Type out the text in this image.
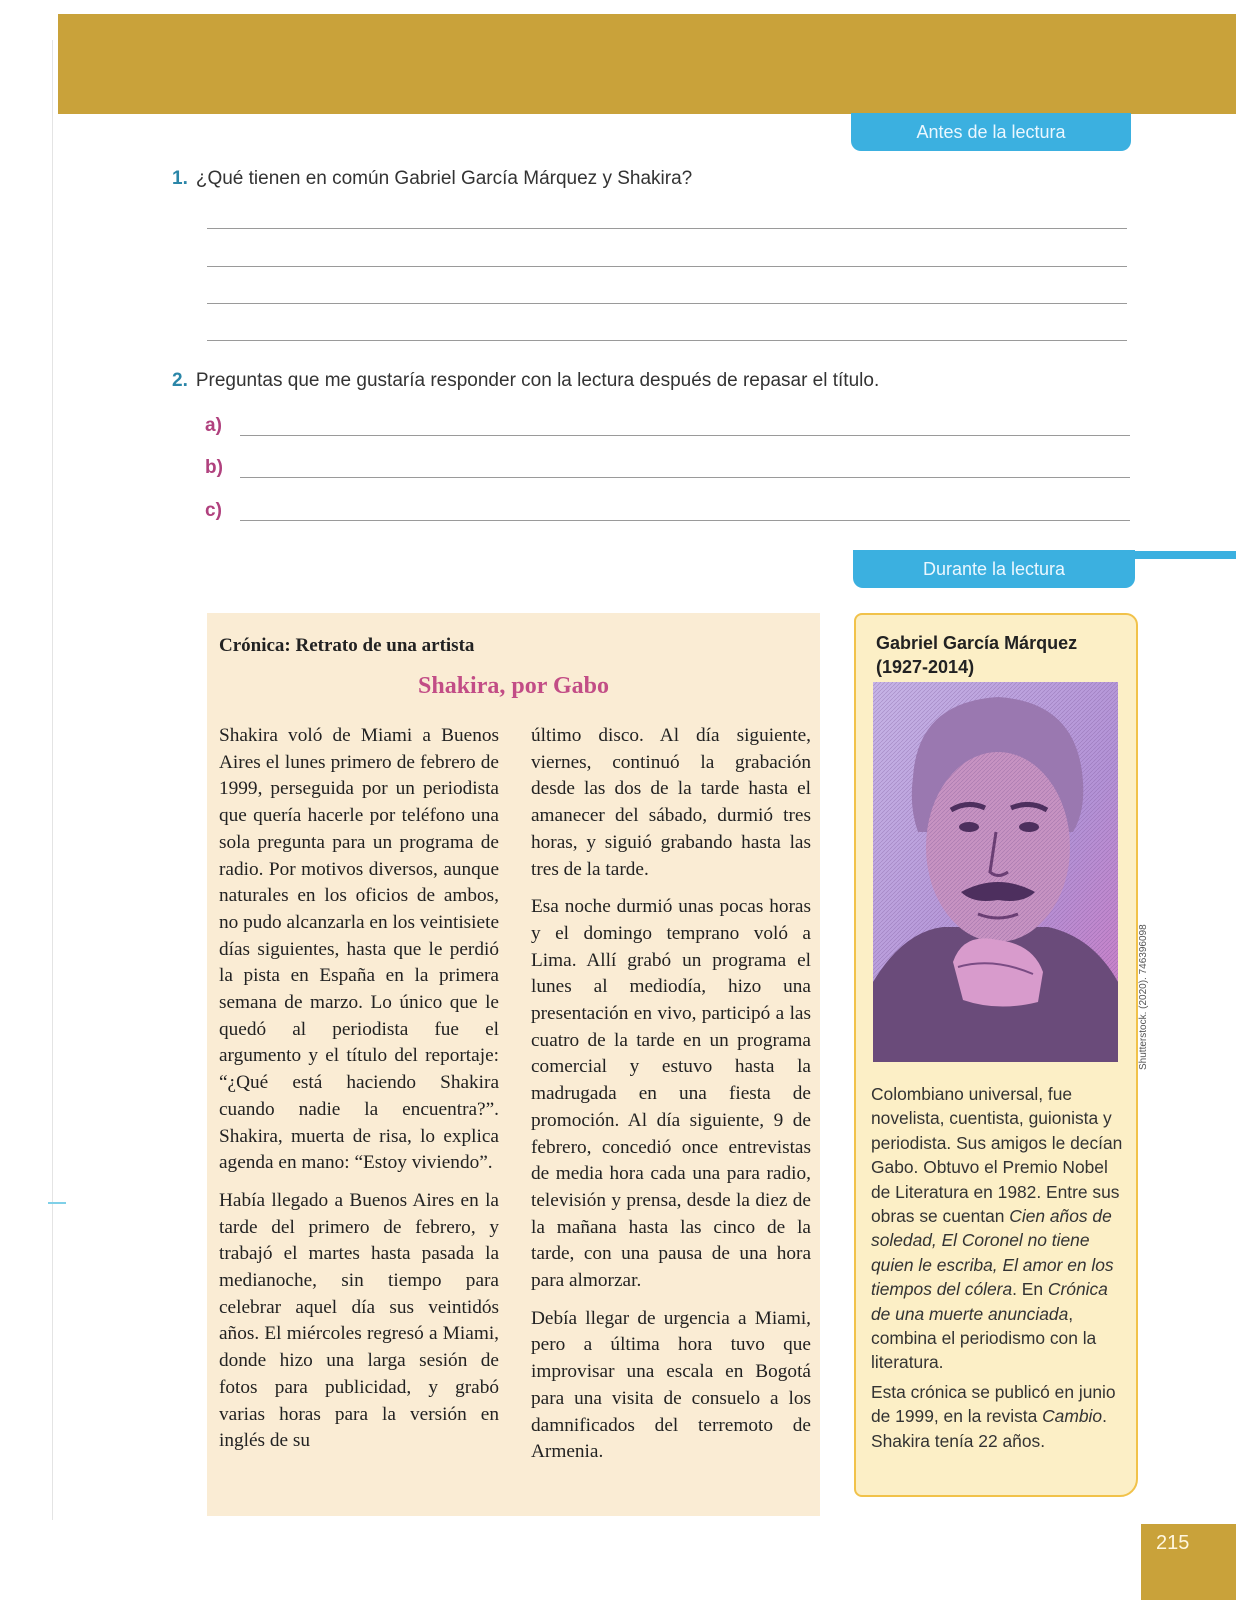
Antes de la lectura
1. ¿Qué tienen en común Gabriel García Márquez y Shakira?
2. Preguntas que me gustaría responder con la lectura después de repasar el título.
a)
b)
c)
Durante la lectura
Crónica: Retrato de una artista
Shakira, por Gabo

Shakira voló de Miami a Buenos Aires el lunes primero de febrero de 1999, perseguida por un periodista que quería hacerle por teléfono una sola pregunta para un programa de radio. Por motivos diversos, aunque naturales en los oficios de ambos, no pudo alcanzarla en los veintisiete días siguientes, hasta que le perdió la pista en España en la primera semana de marzo. Lo único que le quedó al periodista fue el argumento y el título del reportaje: “¿Qué está haciendo Shakira cuando nadie la encuentra?”. Shakira, muerta de risa, lo explica agenda en mano: “Estoy viviendo”.

Había llegado a Buenos Aires en la tarde del primero de febrero, y trabajó el martes hasta pasada la medianoche, sin tiempo para celebrar aquel día sus veintidós años. El miércoles regresó a Miami, donde hizo una larga sesión de fotos para publicidad, y grabó varias horas para la versión en inglés de su

último disco. Al día siguiente, viernes, continuó la grabación desde las dos de la tarde hasta el amanecer del sábado, durmió tres horas, y siguió grabando hasta las tres de la tarde.

Esa noche durmió unas pocas horas y el domingo temprano voló a Lima. Allí grabó un programa el lunes al mediodía, hizo una presentación en vivo, participó a las cuatro de la tarde en un programa comercial y estuvo hasta la madrugada en una fiesta de promoción. Al día siguiente, 9 de febrero, concedió once entrevistas de media hora cada una para radio, televisión y prensa, desde la diez de la mañana hasta las cinco de la tarde, con una pausa de una hora para almorzar.

Debía llegar de urgencia a Miami, pero a última hora tuvo que improvisar una escala en Bogotá para una visita de consuelo a los damnificados del terremoto de Armenia.

Gabriel García Márquez
(1927-2014)

Colombiano universal, fue novelista, cuentista, guionista y periodista. Sus amigos le decían Gabo. Obtuvo el Premio Nobel de Literatura en 1982. Entre sus obras se cuentan Cien años de soledad, El Coronel no tiene quien le escriba, El amor en los tiempos del cólera. En Crónica de una muerte anunciada, combina el periodismo con la literatura.

Esta crónica se publicó en junio de 1999, en la revista Cambio. Shakira tenía 22 años.

Shutterstock. (2020). 746396098
215
